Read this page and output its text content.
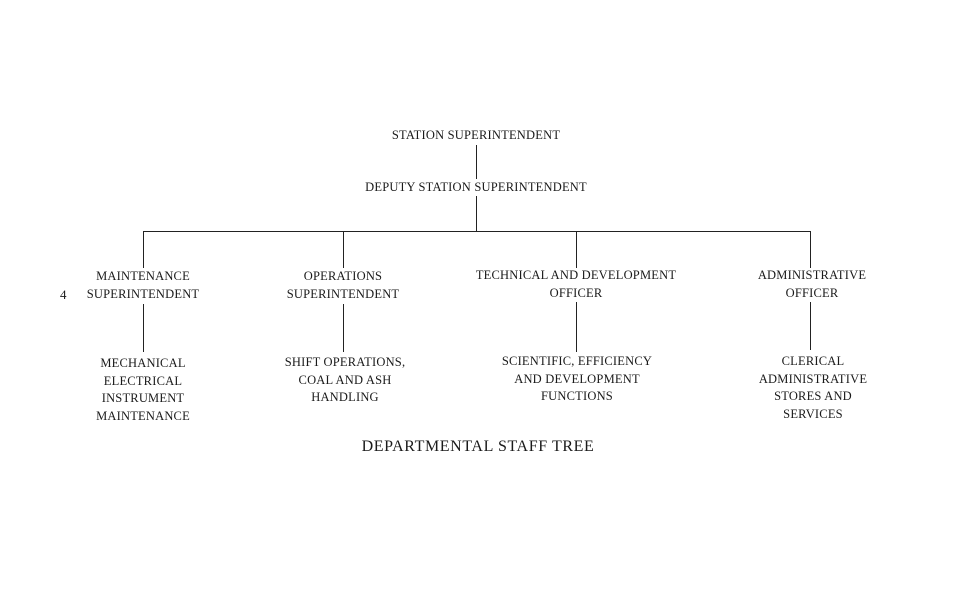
STATION SUPERINTENDENT
DEPUTY STATION SUPERINTENDENT
MAINTENANCE
SUPERINTENDENT
OPERATIONS
SUPERINTENDENT
TECHNICAL AND DEVELOPMENT
OFFICER
ADMINISTRATIVE
OFFICER
MECHANICAL
ELECTRICAL
INSTRUMENT
MAINTENANCE
SHIFT OPERATIONS,
COAL AND ASH
HANDLING
SCIENTIFIC, EFFICIENCY
AND DEVELOPMENT
FUNCTIONS
CLERICAL
ADMINISTRATIVE
STORES AND
SERVICES
4
DEPARTMENTAL STAFF TREE
